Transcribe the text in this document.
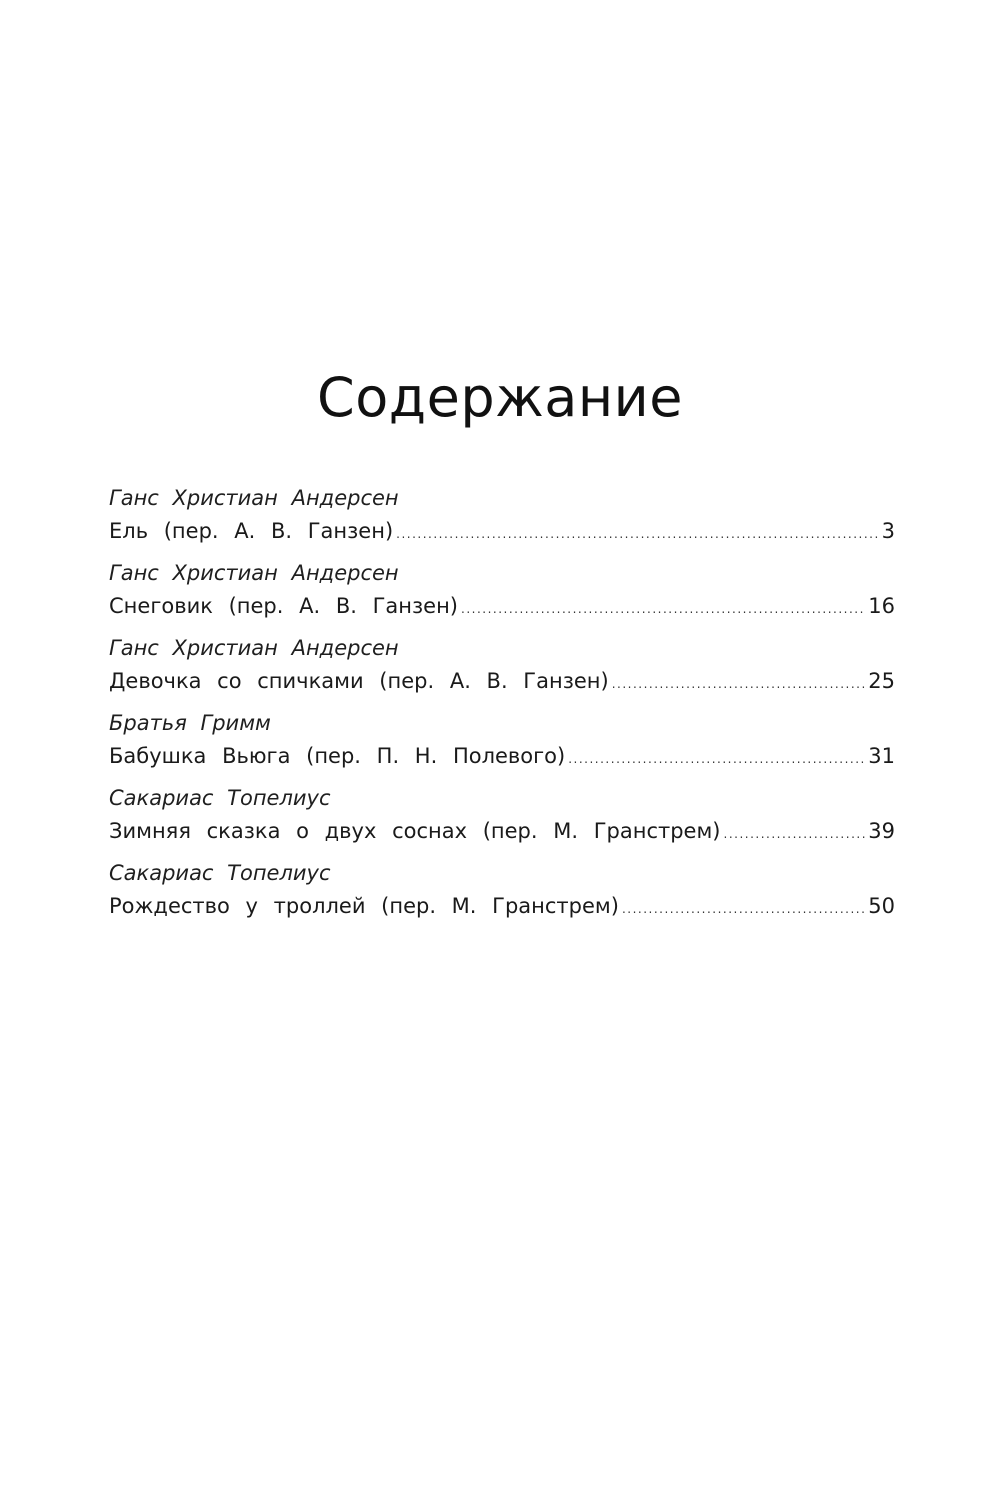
Содержание
Ганс Христиан Андерсен
Ель (пер. А. В. Ганзен) .....	3
Ганс Христиан Андерсен
Снеговик (пер. А. В. Ганзен) .....	16
Ганс Христиан Андерсен
Девочка со спичками (пер. А. В. Ганзен) .....	25
Братья Гримм
Бабушка Вьюга (пер. П. Н. Полевого) .....	31
Сакариас Топелиус
Зимняя сказка о двух соснах (пер. М. Гранстрем) .....	39
Сакариас Топелиус
Рождество у троллей (пер. М. Гранстрем) .....	50
